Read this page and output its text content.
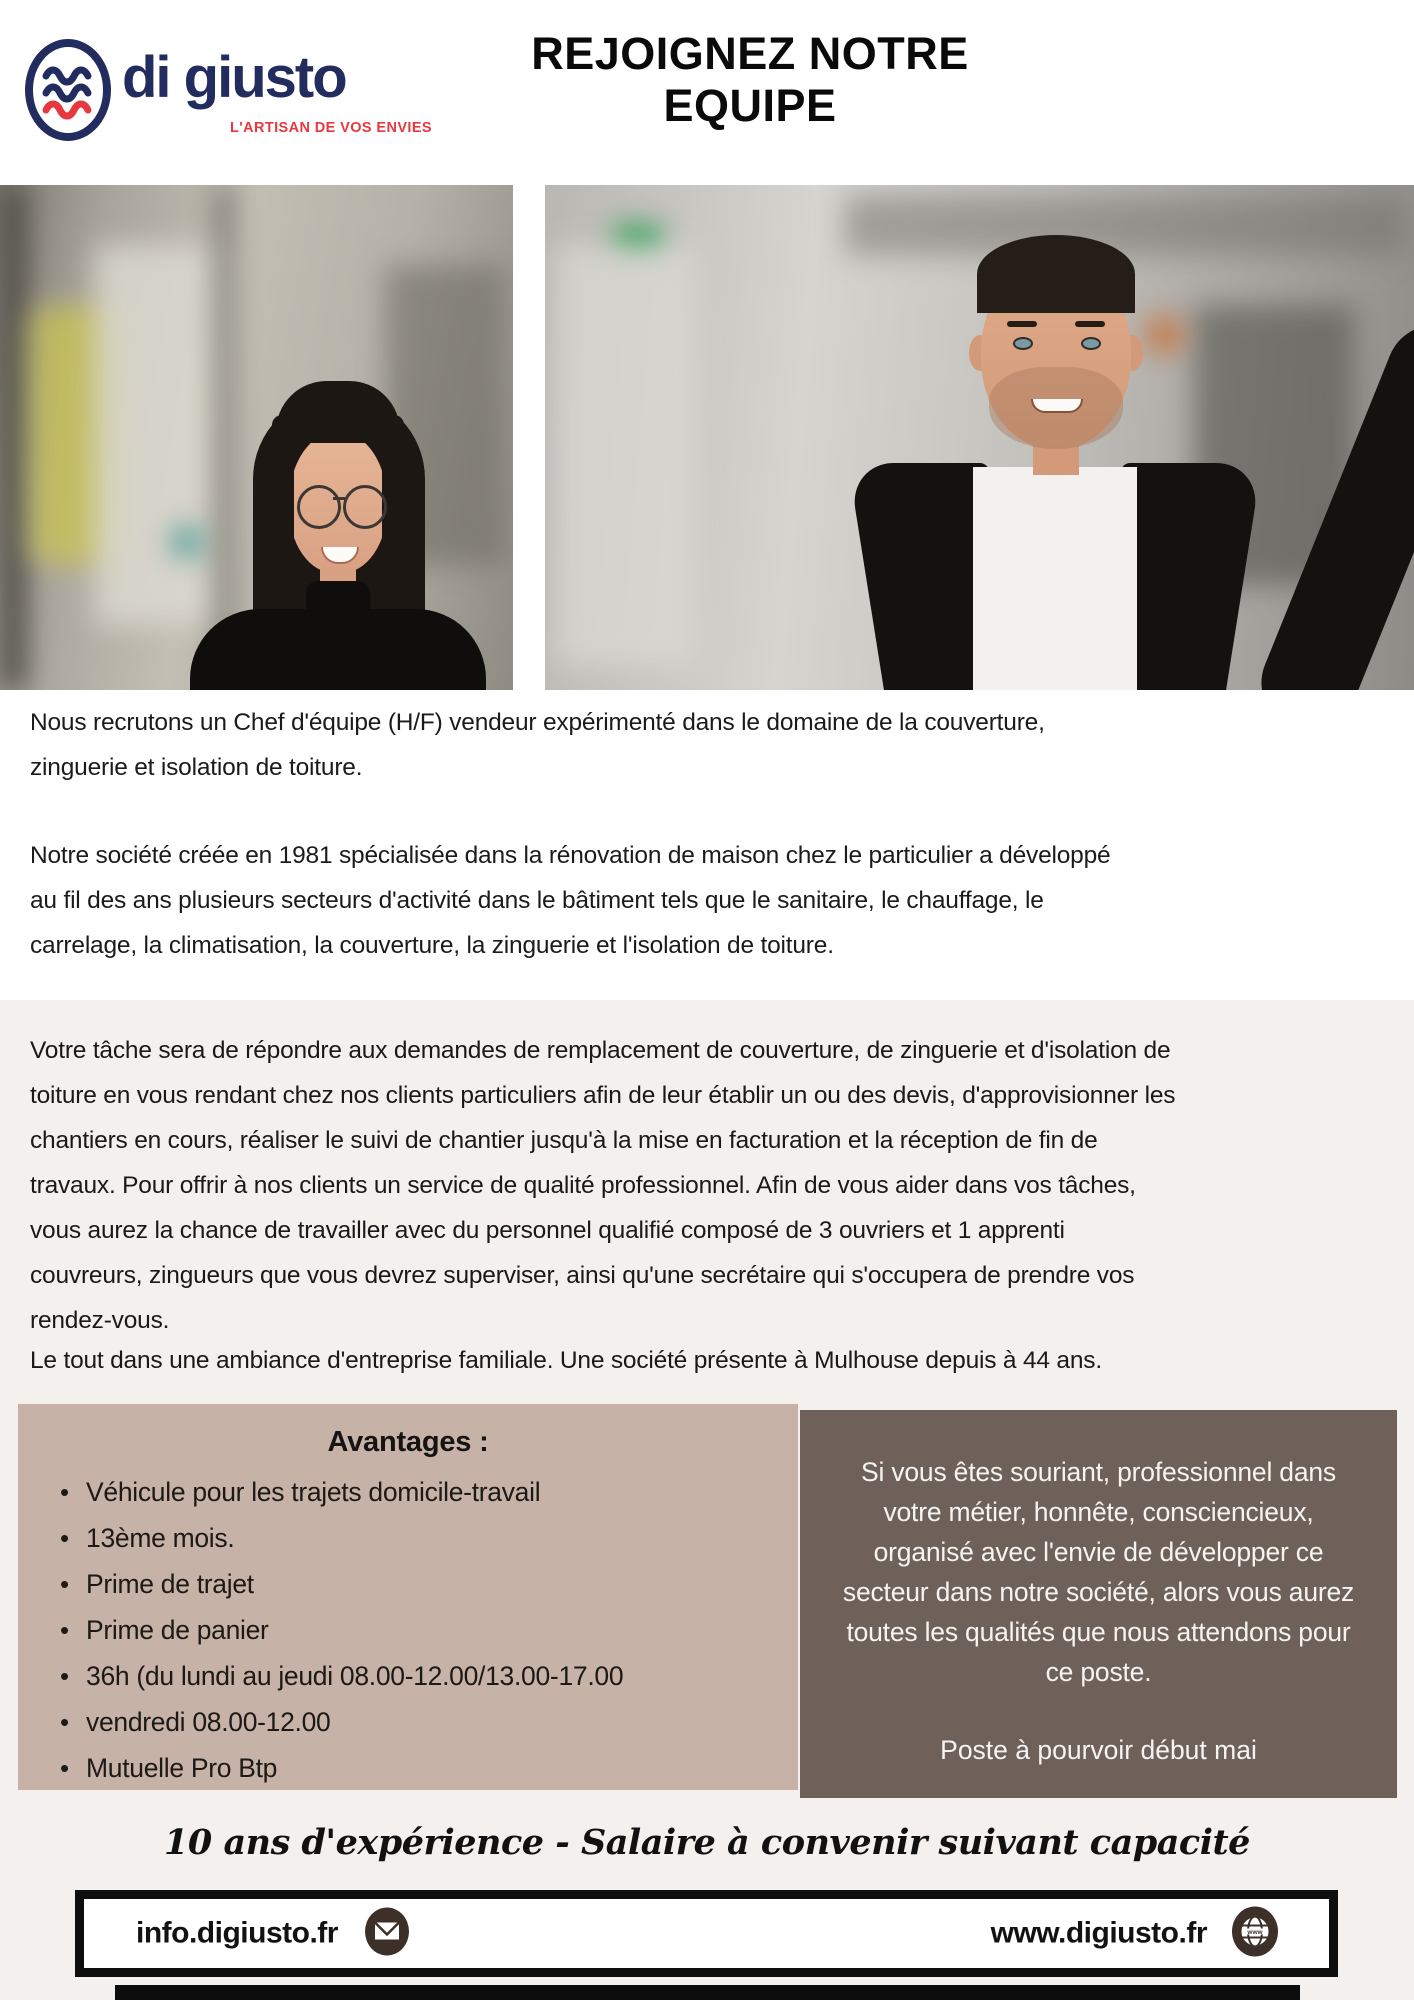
di giusto
L'ARTISAN DE VOS ENVIES
REJOIGNEZ NOTRE
EQUIPE
Nous recrutons un Chef d'équipe (H/F) vendeur expérimenté dans le domaine de la couverture, zinguerie et isolation de toiture.
Notre société créée en 1981 spécialisée dans la rénovation de maison chez le particulier a développé au fil des ans plusieurs secteurs d'activité dans le bâtiment tels que le sanitaire, le chauffage, le carrelage, la climatisation, la couverture, la zinguerie et l'isolation de toiture.
Votre tâche sera de répondre aux demandes de remplacement de couverture, de zinguerie et d'isolation de toiture en vous rendant chez nos clients particuliers afin de leur établir un ou des devis, d'approvisionner les chantiers en cours, réaliser le suivi de chantier jusqu'à la mise en facturation et la réception de fin de travaux. Pour offrir à nos clients un service de qualité professionnel. Afin de vous aider dans vos tâches, vous aurez la chance de travailler avec du personnel qualifié composé de 3 ouvriers et 1 apprenti couvreurs, zingueurs que vous devrez superviser, ainsi qu'une secrétaire qui s'occupera de prendre vos rendez-vous.
Le tout dans une ambiance d'entreprise familiale. Une société présente à Mulhouse depuis à 44 ans.
Avantages :
• Véhicule pour les trajets domicile-travail
• 13ème mois.
• Prime de trajet
• Prime de panier
• 36h (du lundi au jeudi 08.00-12.00/13.00-17.00
• vendredi 08.00-12.00
• Mutuelle Pro Btp

Si vous êtes souriant, professionnel dans votre métier, honnête, consciencieux, organisé avec l'envie de développer ce secteur dans notre société, alors vous aurez toutes les qualités que nous attendons pour ce poste.

Poste à pourvoir début mai

10 ans d'expérience - Salaire à convenir suivant capacité
info.digiusto.fr	www.digiusto.fr	www
